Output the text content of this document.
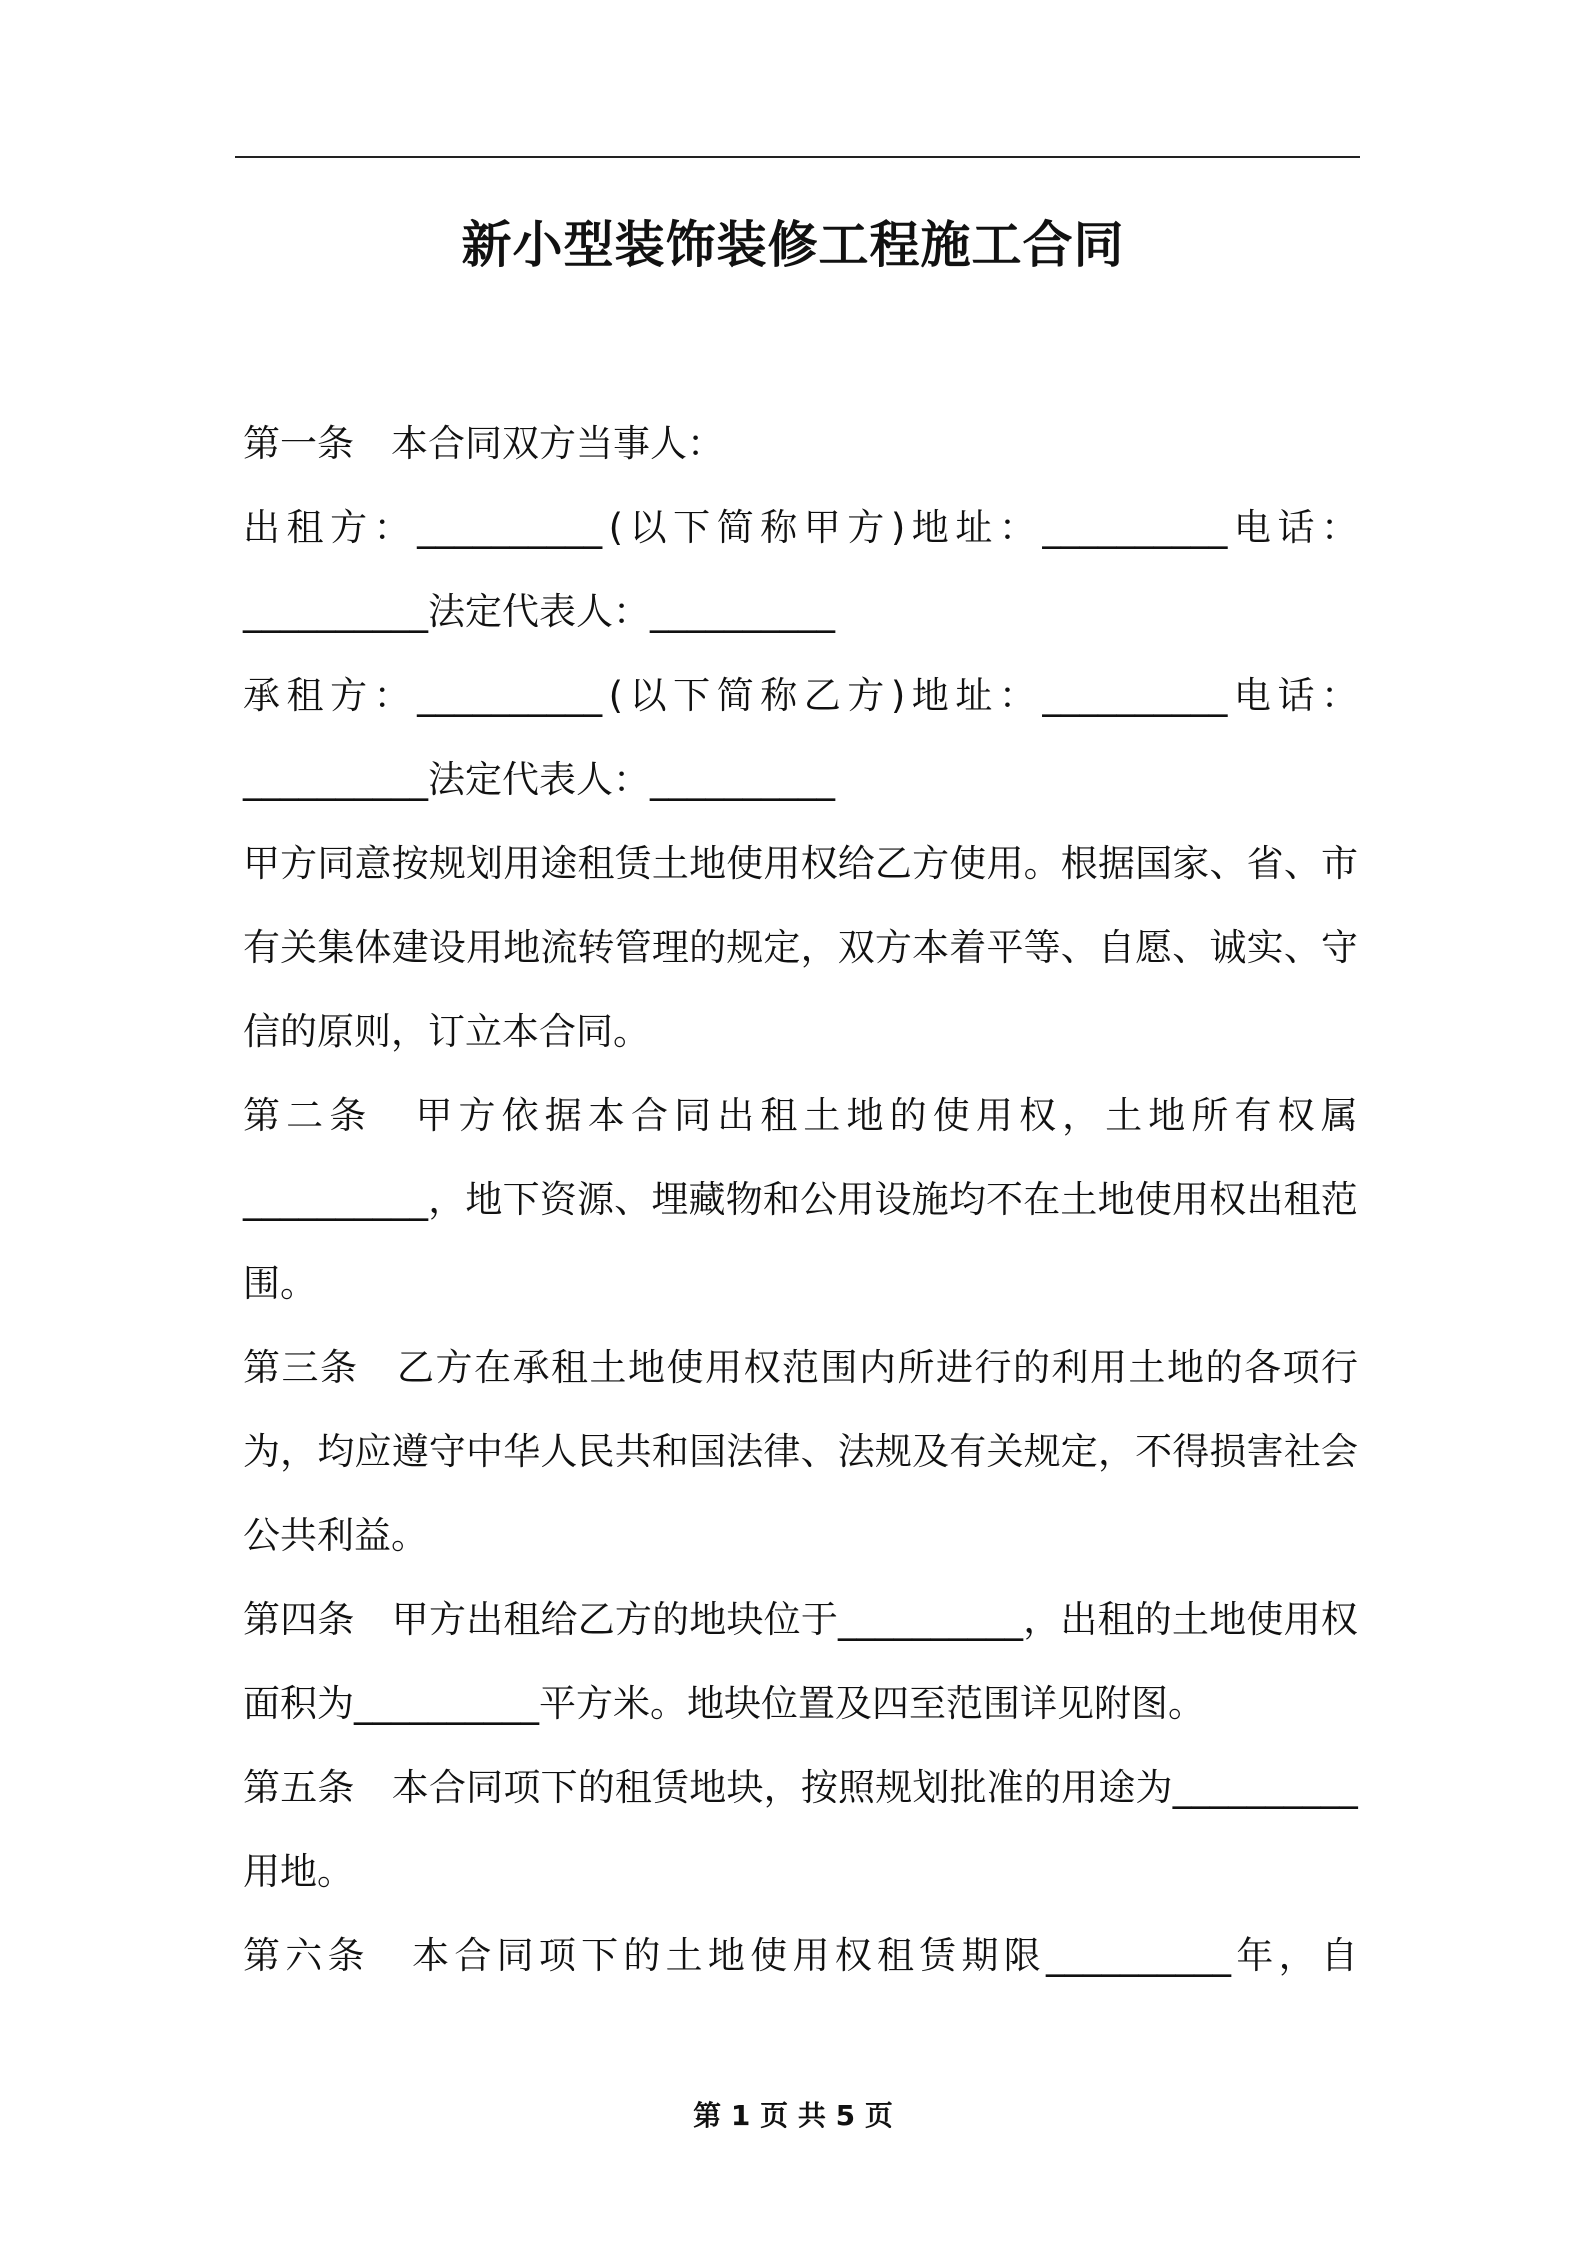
新小型装饰装修工程施工合同
第一条　本合同双方当事人：
出 租 方 ： __________ ( 以 下 简 称 甲 方 ) 地 址 ： __________ 电 话 ：
__________法定代表人：__________
承 租 方 ： __________ ( 以 下 简 称 乙 方 ) 地 址 ： __________ 电 话 ：
__________法定代表人：__________
甲 方 同 意 按 规 划 用 途 租 赁 土 地 使 用 权 给 乙 方 使 用 。 根 据 国 家 、 省 、 市
有 关 集 体 建 设 用 地 流 转 管 理 的 规 定 ， 双 方 本 着 平 等 、 自 愿 、 诚 实 、 守
信的原则，订立本合同。
第 二 条
　 甲 方 依 据 本 合 同 出 租 土 地 的 使 用 权 ， 土 地 所 有 权 属
__________ ， 地 下 资 源 、 埋 藏 物 和 公 用 设 施 均 不 在 土 地 使 用 权 出 租 范
围。
第 三 条
　 乙 方 在 承 租 土 地 使 用 权 范 围 内 所 进 行 的 利 用 土 地 的 各 项 行
为 ， 均 应 遵 守 中 华 人 民 共 和 国 法 律 、 法 规 及 有 关 规 定 ， 不 得 损 害 社 会
公共利益。
第 四 条
　 甲 方 出 租 给 乙 方 的 地 块 位 于 __________ ， 出 租 的 土 地 使 用 权
面积为__________平方米。地块位置及四至范围详见附图。
第 五 条
　 本 合 同 项 下 的 租 赁 地 块 ， 按 照 规 划 批 准 的 用 途 为 __________
用地。
第 六 条
　 本 合 同 项 下 的 土 地 使 用 权 租 赁 期 限 __________ 年 ， 自
第 1 页 共 5 页
